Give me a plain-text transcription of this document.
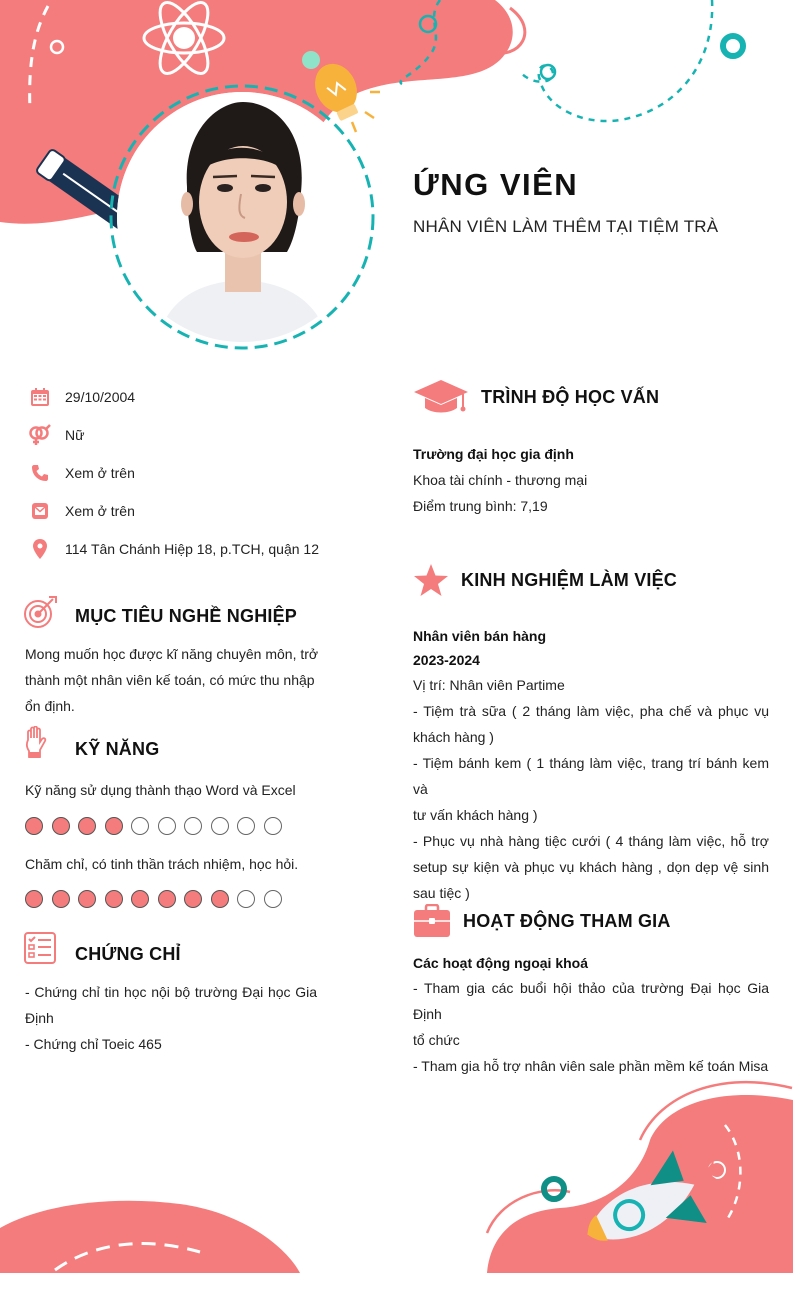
ỨNG VIÊN
NHÂN VIÊN LÀM THÊM TẠI TIỆM TRÀ
29/10/2004
Nữ
Xem ở trên
Xem ở trên
114 Tân Chánh Hiệp 18, p.TCH, quận 12
MỤC TIÊU NGHỀ NGHIỆP
Mong muốn học được kĩ năng chuyên môn, trở
thành một nhân viên kế toán, có mức thu nhập
ổn định.
KỸ NĂNG
Kỹ năng sử dụng thành thạo Word và Excel
Chăm chỉ, có tinh thần trách nhiệm, học hỏi.
CHỨNG CHỈ
- Chứng chỉ tin học nội bộ trường Đại học Gia
Định
- Chứng chỉ Toeic 465
TRÌNH ĐỘ HỌC VẤN
Trường đại học gia định
Khoa tài chính - thương mại
Điểm trung bình: 7,19
KINH NGHIỆM LÀM VIỆC
Nhân viên bán hàng
2023-2024
Vị trí: Nhân viên Partime
- Tiệm trà sữa ( 2 tháng làm việc, pha chế và phục vụ
khách hàng )
- Tiệm bánh kem ( 1 tháng làm việc, trang trí bánh kem và
tư vấn khách hàng )
- Phục vụ nhà hàng tiệc cưới ( 4 tháng làm việc, hỗ trợ
setup sự kiện và phục vụ khách hàng , dọn dẹp vệ sinh
sau tiệc )
HOẠT ĐỘNG THAM GIA
Các hoạt động ngoại khoá
- Tham gia các buổi hội thảo của trường Đại học Gia Định
tổ chức
- Tham gia hỗ trợ nhân viên sale phần mềm kế toán Misa
